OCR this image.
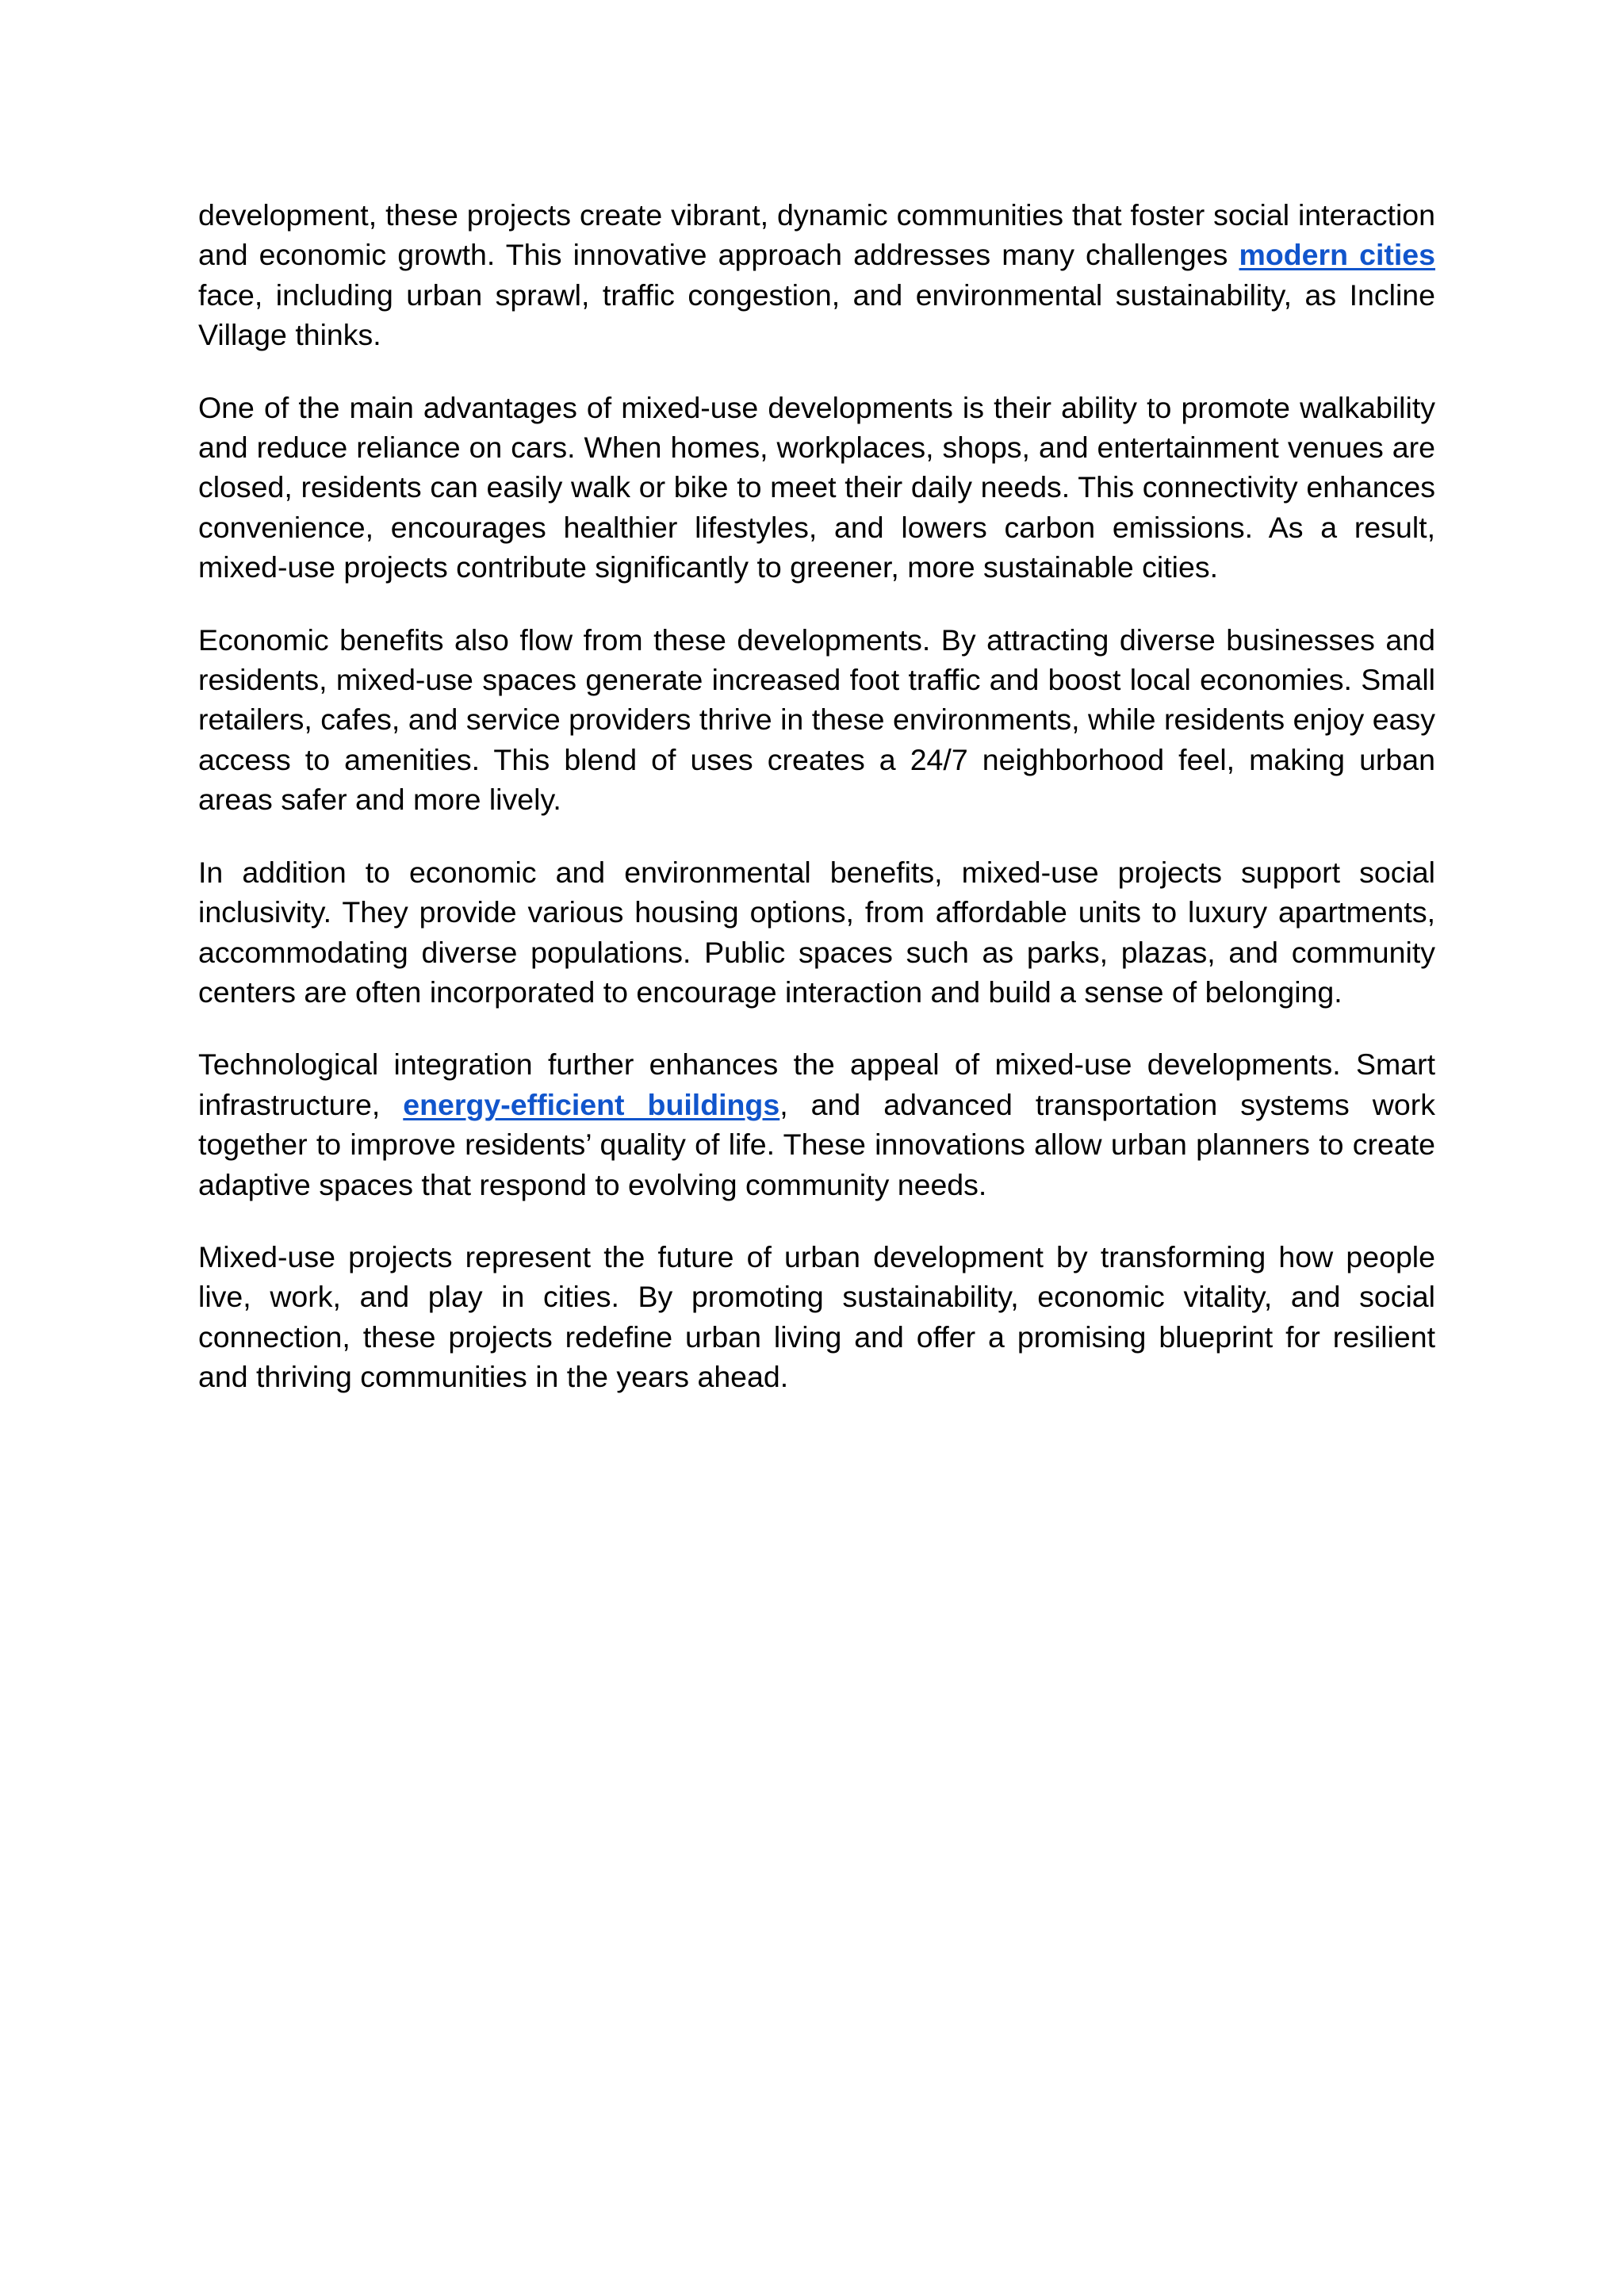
development, these projects create vibrant, dynamic communities that foster social interaction and economic growth. This innovative approach addresses many challenges modern cities face, including urban sprawl, traffic congestion, and environmental sustainability, as Incline Village thinks.

One of the main advantages of mixed-use developments is their ability to promote walkability and reduce reliance on cars. When homes, workplaces, shops, and entertainment venues are closed, residents can easily walk or bike to meet their daily needs. This connectivity enhances convenience, encourages healthier lifestyles, and lowers carbon emissions. As a result, mixed-use projects contribute significantly to greener, more sustainable cities.

Economic benefits also flow from these developments. By attracting diverse businesses and residents, mixed-use spaces generate increased foot traffic and boost local economies. Small retailers, cafes, and service providers thrive in these environments, while residents enjoy easy access to amenities. This blend of uses creates a 24/7 neighborhood feel, making urban areas safer and more lively.

In addition to economic and environmental benefits, mixed-use projects support social inclusivity. They provide various housing options, from affordable units to luxury apartments, accommodating diverse populations. Public spaces such as parks, plazas, and community centers are often incorporated to encourage interaction and build a sense of belonging.

Technological integration further enhances the appeal of mixed-use developments. Smart infrastructure, energy-efficient buildings, and advanced transportation systems work together to improve residents’ quality of life. These innovations allow urban planners to create adaptive spaces that respond to evolving community needs.

Mixed-use projects represent the future of urban development by transforming how people live, work, and play in cities. By promoting sustainability, economic vitality, and social connection, these projects redefine urban living and offer a promising blueprint for resilient and thriving communities in the years ahead.
